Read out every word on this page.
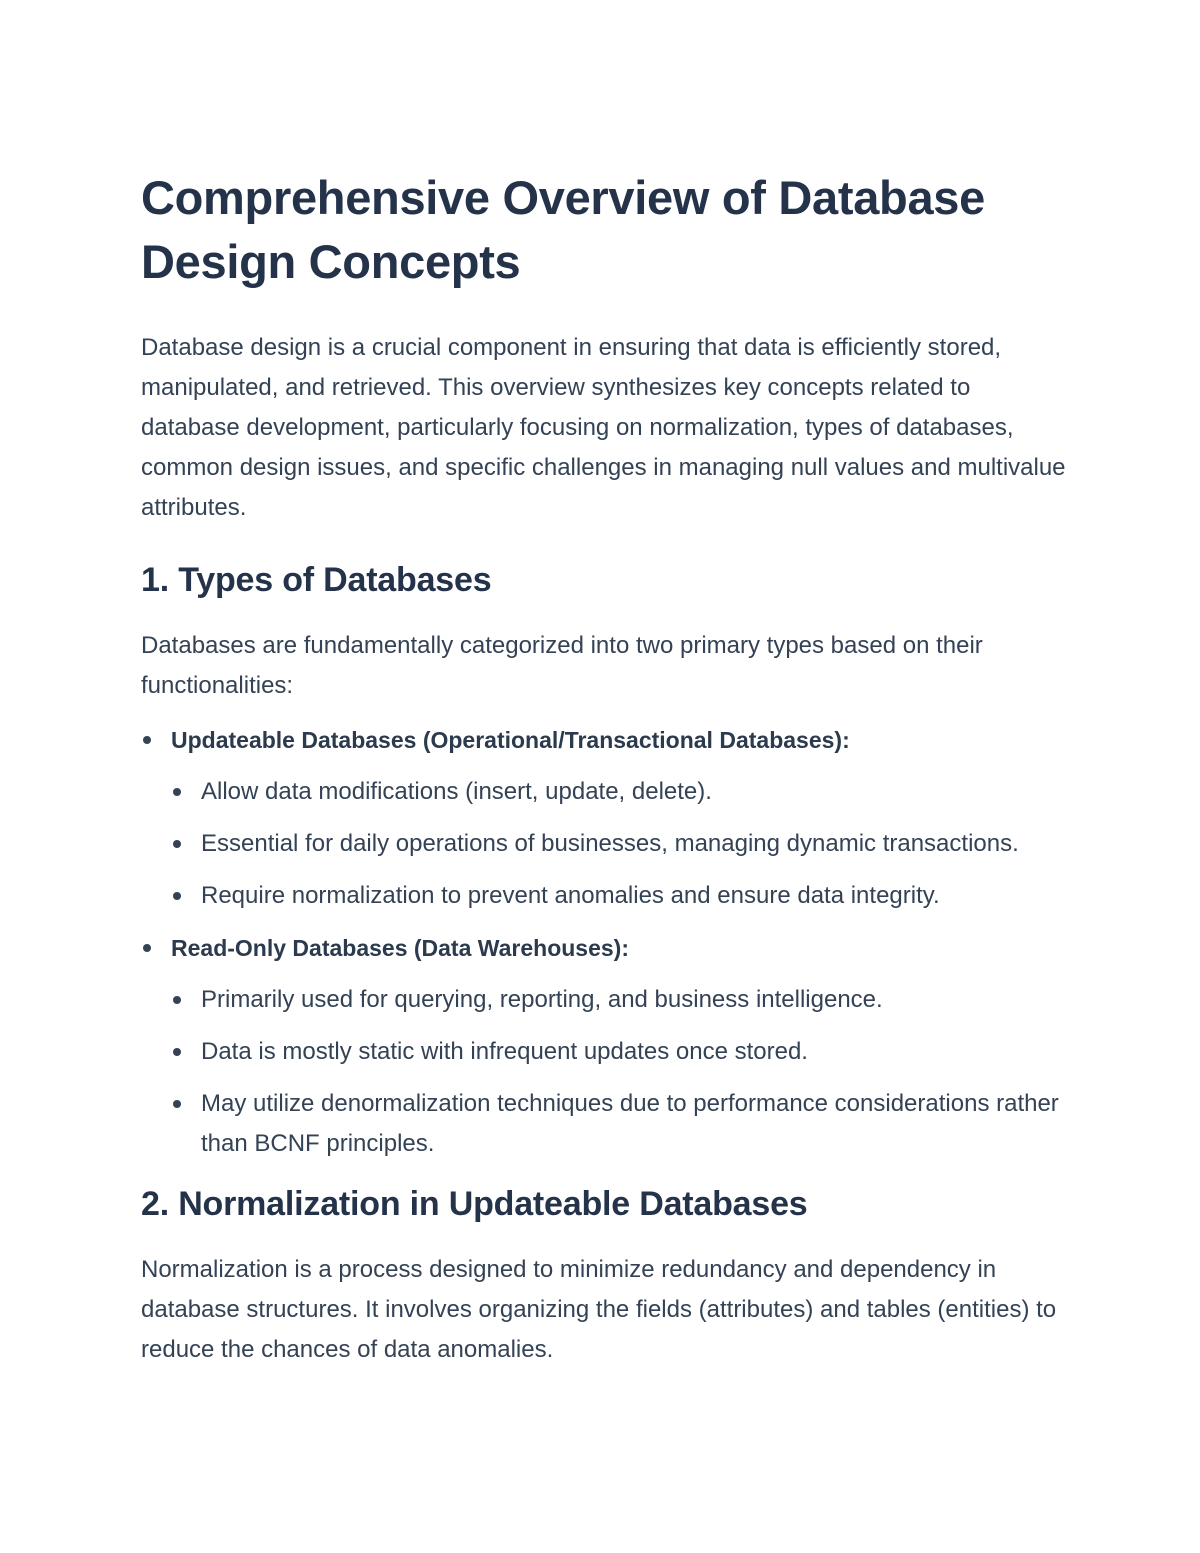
Comprehensive Overview of Database Design Concepts

Database design is a crucial component in ensuring that data is efficiently stored, manipulated, and retrieved. This overview synthesizes key concepts related to database development, particularly focusing on normalization, types of databases, common design issues, and specific challenges in managing null values and multivalue attributes.

1. Types of Databases

Databases are fundamentally categorized into two primary types based on their functionalities:

Updateable Databases (Operational/Transactional Databases):
Allow data modifications (insert, update, delete).
Essential for daily operations of businesses, managing dynamic transactions.
Require normalization to prevent anomalies and ensure data integrity.
Read-Only Databases (Data Warehouses):
Primarily used for querying, reporting, and business intelligence.
Data is mostly static with infrequent updates once stored.
May utilize denormalization techniques due to performance considerations rather than BCNF principles.
2. Normalization in Updateable Databases

Normalization is a process designed to minimize redundancy and dependency in database structures. It involves organizing the fields (attributes) and tables (entities) to reduce the chances of data anomalies.
